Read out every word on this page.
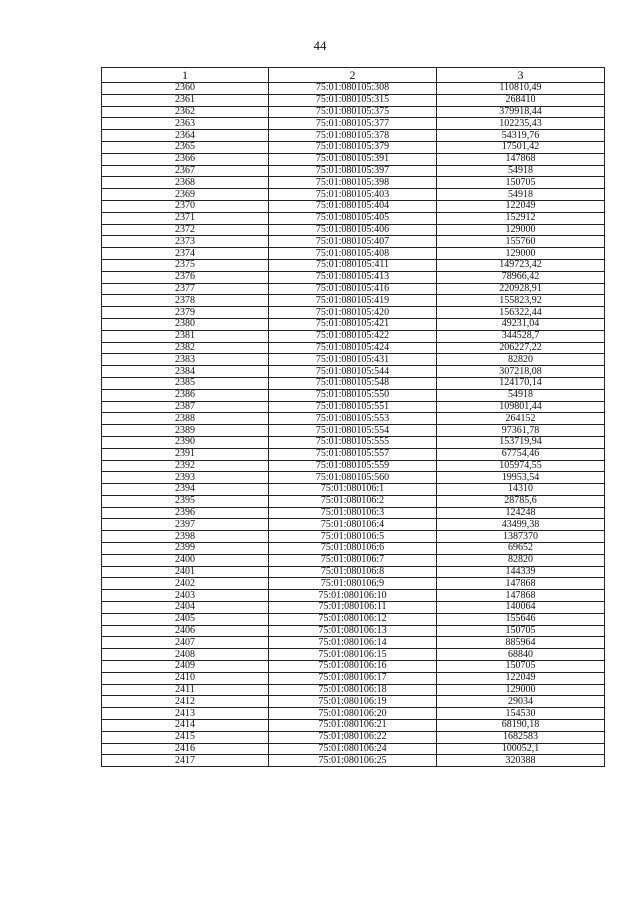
44
1	2	3
2360	75:01:080105:308	110810,49
2361	75:01:080105:315	268410
2362	75:01:080105:375	379918,44
2363	75:01:080105:377	102235,43
2364	75:01:080105:378	54319,76
2365	75:01:080105:379	17501,42
2366	75:01:080105:391	147868
2367	75:01:080105:397	54918
2368	75:01:080105:398	150705
2369	75:01:080105:403	54918
2370	75:01:080105:404	122049
2371	75:01:080105:405	152912
2372	75:01:080105:406	129000
2373	75:01:080105:407	155760
2374	75:01:080105:408	129000
2375	75:01:080105:411	149723,42
2376	75:01:080105:413	78966,42
2377	75:01:080105:416	220928,91
2378	75:01:080105:419	155823,92
2379	75:01:080105:420	156322,44
2380	75:01:080105:421	49231,04
2381	75:01:080105:422	344528,7
2382	75:01:080105:424	206227,22
2383	75:01:080105:431	82820
2384	75:01:080105:544	307218,08
2385	75:01:080105:548	124170,14
2386	75:01:080105:550	54918
2387	75:01:080105:551	109801,44
2388	75:01:080105:553	264152
2389	75:01:080105:554	97361,78
2390	75:01:080105:555	153719,94
2391	75:01:080105:557	67754,46
2392	75:01:080105:559	105974,55
2393	75:01:080105:560	19953,54
2394	75:01:080106:1	14310
2395	75:01:080106:2	28785,6
2396	75:01:080106:3	124248
2397	75:01:080106:4	43499,38
2398	75:01:080106:5	1387370
2399	75:01:080106:6	69652
2400	75:01:080106:7	82820
2401	75:01:080106:8	144339
2402	75:01:080106:9	147868
2403	75:01:080106:10	147868
2404	75:01:080106:11	140064
2405	75:01:080106:12	155646
2406	75:01:080106:13	150705
2407	75:01:080106:14	885964
2408	75:01:080106:15	68840
2409	75:01:080106:16	150705
2410	75:01:080106:17	122049
2411	75:01:080106:18	129000
2412	75:01:080106:19	29034
2413	75:01:080106:20	154530
2414	75:01:080106:21	68190,18
2415	75:01:080106:22	1682583
2416	75:01:080106:24	100052,1
2417	75:01:080106:25	320388
